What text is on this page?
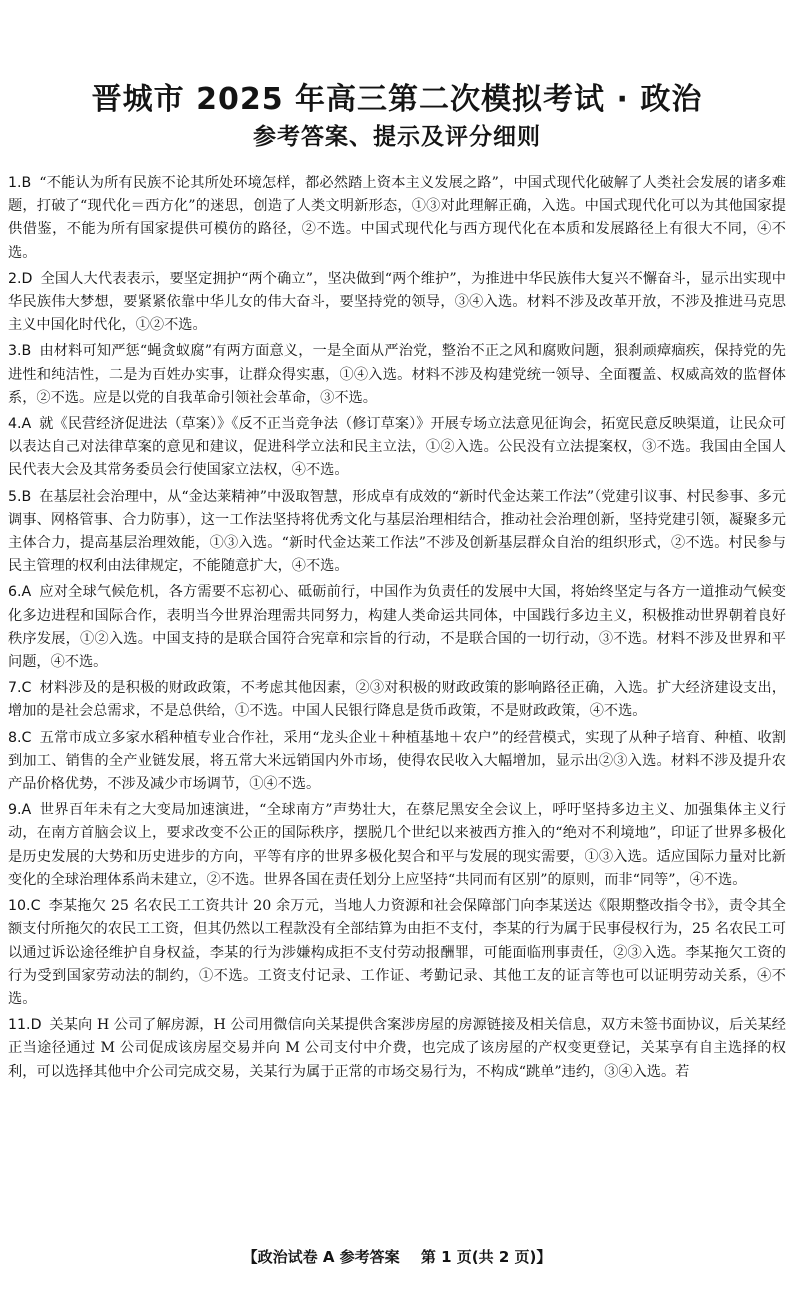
晋城市 2025 年高三第二次模拟考试 · 政治
参考答案、提示及评分细则

1.B “不能认为所有民族不论其所处环境怎样，都必然踏上资本主义发展之路”，中国式现代化破解了人类社会发展的诸多难题，打破了“现代化＝西方化”的迷思，创造了人类文明新形态，①③对此理解正确，入选。中国式现代化可以为其他国家提供借鉴，不能为所有国家提供可模仿的路径，②不选。中国式现代化与西方现代化在本质和发展路径上有很大不同，④不选。

2.D 全国人大代表表示，要坚定拥护“两个确立”，坚决做到“两个维护”，为推进中华民族伟大复兴不懈奋斗，显示出实现中华民族伟大梦想，要紧紧依靠中华儿女的伟大奋斗，要坚持党的领导，③④入选。材料不涉及改革开放，不涉及推进马克思主义中国化时代化，①②不选。

3.B 由材料可知严惩“蝇贪蚁腐”有两方面意义，一是全面从严治党，整治不正之风和腐败问题，狠刹顽瘴痼疾，保持党的先进性和纯洁性，二是为百姓办实事，让群众得实惠，①④入选。材料不涉及构建党统一领导、全面覆盖、权威高效的监督体系，②不选。应是以党的自我革命引领社会革命，③不选。

4.A 就《民营经济促进法（草案）》《反不正当竞争法（修订草案）》开展专场立法意见征询会，拓宽民意反映渠道，让民众可以表达自己对法律草案的意见和建议，促进科学立法和民主立法，①②入选。公民没有立法提案权，③不选。我国由全国人民代表大会及其常务委员会行使国家立法权，④不选。

5.B 在基层社会治理中，从“金达莱精神”中汲取智慧，形成卓有成效的“新时代金达莱工作法”（党建引议事、村民参事、多元调事、网格管事、合力防事），这一工作法坚持将优秀文化与基层治理相结合，推动社会治理创新，坚持党建引领，凝聚多元主体合力，提高基层治理效能，①③入选。“新时代金达莱工作法”不涉及创新基层群众自治的组织形式，②不选。村民参与民主管理的权利由法律规定，不能随意扩大，④不选。

6.A 应对全球气候危机，各方需要不忘初心、砥砺前行，中国作为负责任的发展中大国，将始终坚定与各方一道推动气候变化多边进程和国际合作，表明当今世界治理需共同努力，构建人类命运共同体，中国践行多边主义，积极推动世界朝着良好秩序发展，①②入选。中国支持的是联合国符合宪章和宗旨的行动，不是联合国的一切行动，③不选。材料不涉及世界和平问题，④不选。

7.C 材料涉及的是积极的财政政策，不考虑其他因素，②③对积极的财政政策的影响路径正确，入选。扩大经济建设支出，增加的是社会总需求，不是总供给，①不选。中国人民银行降息是货币政策，不是财政政策，④不选。

8.C 五常市成立多家水稻种植专业合作社，采用“龙头企业＋种植基地＋农户”的经营模式，实现了从种子培育、种植、收割到加工、销售的全产业链发展，将五常大米远销国内外市场，使得农民收入大幅增加，显示出②③入选。材料不涉及提升农产品价格优势，不涉及减少市场调节，①④不选。

9.A 世界百年未有之大变局加速演进，“全球南方”声势壮大，在蔡尼黑安全会议上，呼吁坚持多边主义、加强集体主义行动，在南方首脑会议上，要求改变不公正的国际秩序，摆脱几个世纪以来被西方推入的“绝对不利境地”，印证了世界多极化是历史发展的大势和历史进步的方向，平等有序的世界多极化契合和平与发展的现实需要，①③入选。适应国际力量对比新变化的全球治理体系尚未建立，②不选。世界各国在责任划分上应坚持“共同而有区别”的原则，而非“同等”，④不选。

10.C 李某拖欠 25 名农民工工资共计 20 余万元，当地人力资源和社会保障部门向李某送达《限期整改指令书》，责令其全额支付所拖欠的农民工工资，但其仍然以工程款没有全部结算为由拒不支付，李某的行为属于民事侵权行为，25 名农民工可以通过诉讼途径维护自身权益，李某的行为涉嫌构成拒不支付劳动报酬罪，可能面临刑事责任，②③入选。李某拖欠工资的行为受到国家劳动法的制约，①不选。工资支付记录、工作证、考勤记录、其他工友的证言等也可以证明劳动关系，④不选。

11.D 关某向 H 公司了解房源，H 公司用微信向关某提供含案涉房屋的房源链接及相关信息，双方未签书面协议，后关某经正当途径通过 M 公司促成该房屋交易并向 M 公司支付中介费，也完成了该房屋的产权变更登记，关某享有自主选择的权利，可以选择其他中介公司完成交易，关某行为属于正常的市场交易行为，不构成“跳单”违约，③④入选。若

【政治试卷 A 参考答案 第 1 页(共 2 页)】
